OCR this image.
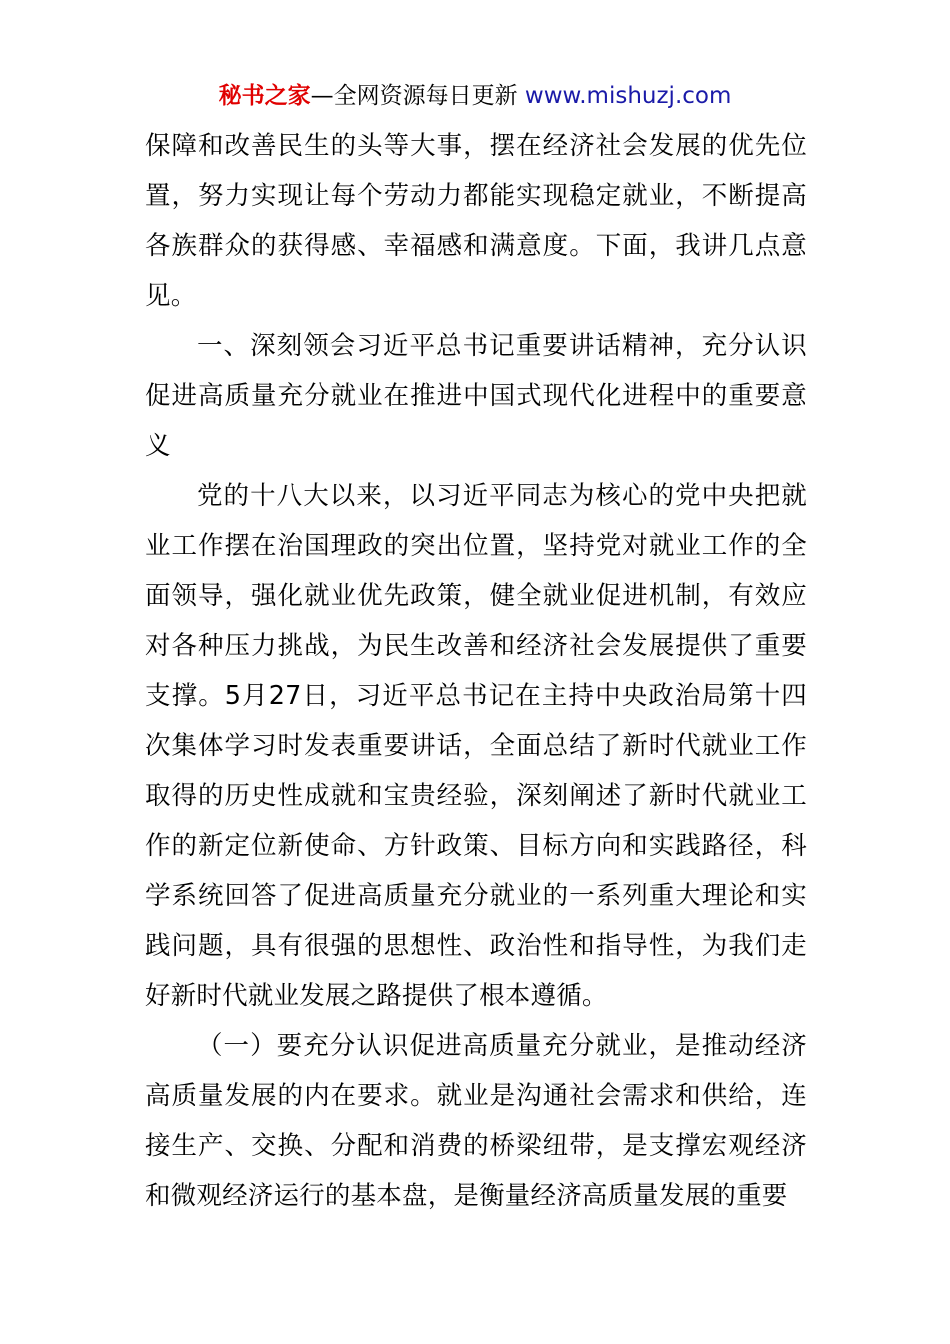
秘书之家—全网资源每日更新 www.mishuzj.com

保障和改善民生的头等大事，摆在经济社会发展的优先位置，努力实现让每个劳动力都能实现稳定就业，不断提高各族群众的获得感、幸福感和满意度。下面，我讲几点意见。

一、深刻领会习近平总书记重要讲话精神，充分认识促进高质量充分就业在推进中国式现代化进程中的重要意义

党的十八大以来，以习近平同志为核心的党中央把就业工作摆在治国理政的突出位置，坚持党对就业工作的全面领导，强化就业优先政策，健全就业促进机制，有效应对各种压力挑战，为民生改善和经济社会发展提供了重要支撑。5月27日，习近平总书记在主持中央政治局第十四次集体学习时发表重要讲话，全面总结了新时代就业工作取得的历史性成就和宝贵经验，深刻阐述了新时代就业工作的新定位新使命、方针政策、目标方向和实践路径，科学系统回答了促进高质量充分就业的一系列重大理论和实践问题，具有很强的思想性、政治性和指导性，为我们走好新时代就业发展之路提供了根本遵循。

（一）要充分认识促进高质量充分就业，是推动经济高质量发展的内在要求。就业是沟通社会需求和供给，连接生产、交换、分配和消费的桥梁纽带，是支撑宏观经济和微观经济运行的基本盘，是衡量经济高质量发展的重要
